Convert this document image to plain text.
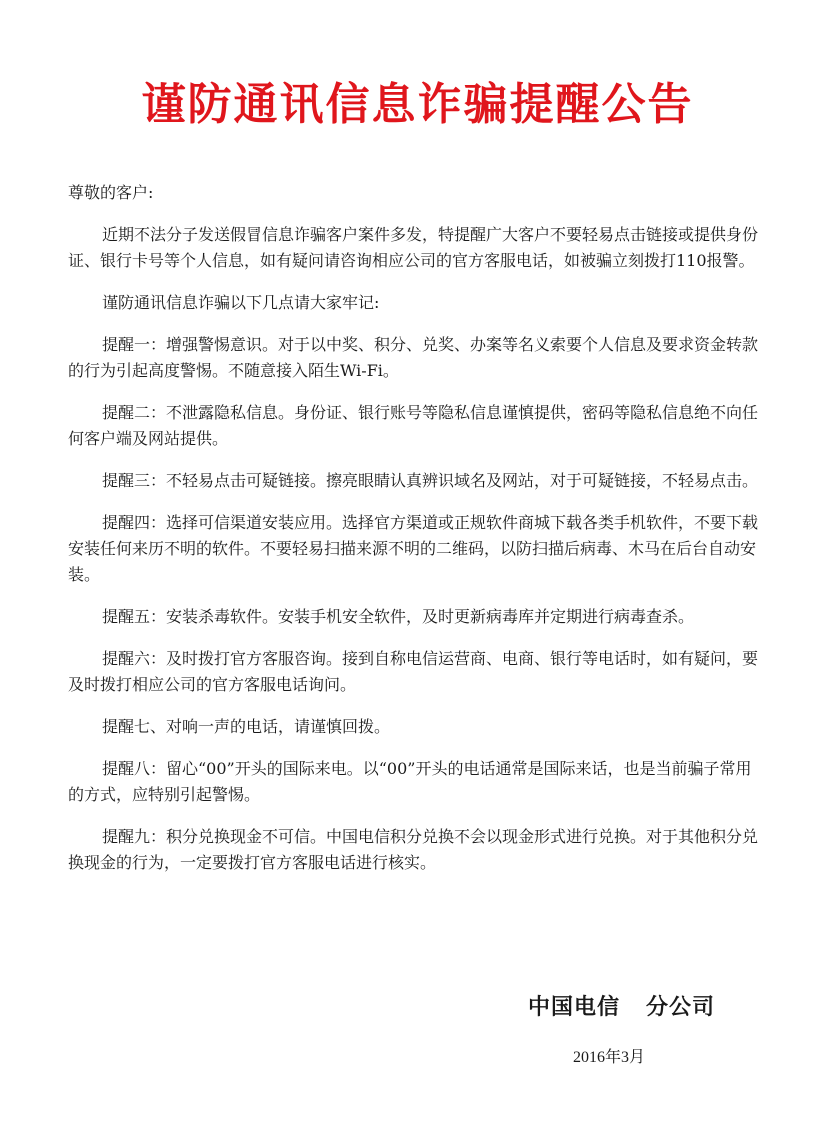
谨防通讯信息诈骗提醒公告

尊敬的客户:

近期不法分子发送假冒信息诈骗客户案件多发，特提醒广大客户不要轻易点击链接或提供身份证、银行卡号等个人信息，如有疑问请咨询相应公司的官方客服电话，如被骗立刻拨打110报警。

谨防通讯信息诈骗以下几点请大家牢记:

提醒一：增强警惕意识。对于以中奖、积分、兑奖、办案等名义索要个人信息及要求资金转款的行为引起高度警惕。不随意接入陌生Wi-Fi。

提醒二：不泄露隐私信息。身份证、银行账号等隐私信息谨慎提供，密码等隐私信息绝不向任何客户端及网站提供。

提醒三：不轻易点击可疑链接。擦亮眼睛认真辨识域名及网站，对于可疑链接，不轻易点击。

提醒四：选择可信渠道安装应用。选择官方渠道或正规软件商城下载各类手机软件，不要下载安装任何来历不明的软件。不要轻易扫描来源不明的二维码，以防扫描后病毒、木马在后台自动安装。

提醒五：安装杀毒软件。安装手机安全软件，及时更新病毒库并定期进行病毒查杀。

提醒六：及时拨打官方客服咨询。接到自称电信运营商、电商、银行等电话时，如有疑问，要及时拨打相应公司的官方客服电话询问。

提醒七、对响一声的电话，请谨慎回拨。

提醒八：留心“00”开头的国际来电。以“00”开头的电话通常是国际来话，也是当前骗子常用的方式，应特别引起警惕。

提醒九：积分兑换现金不可信。中国电信积分兑换不会以现金形式进行兑换。对于其他积分兑换现金的行为，一定要拨打官方客服电话进行核实。

中国电信   分公司
2016年3月
